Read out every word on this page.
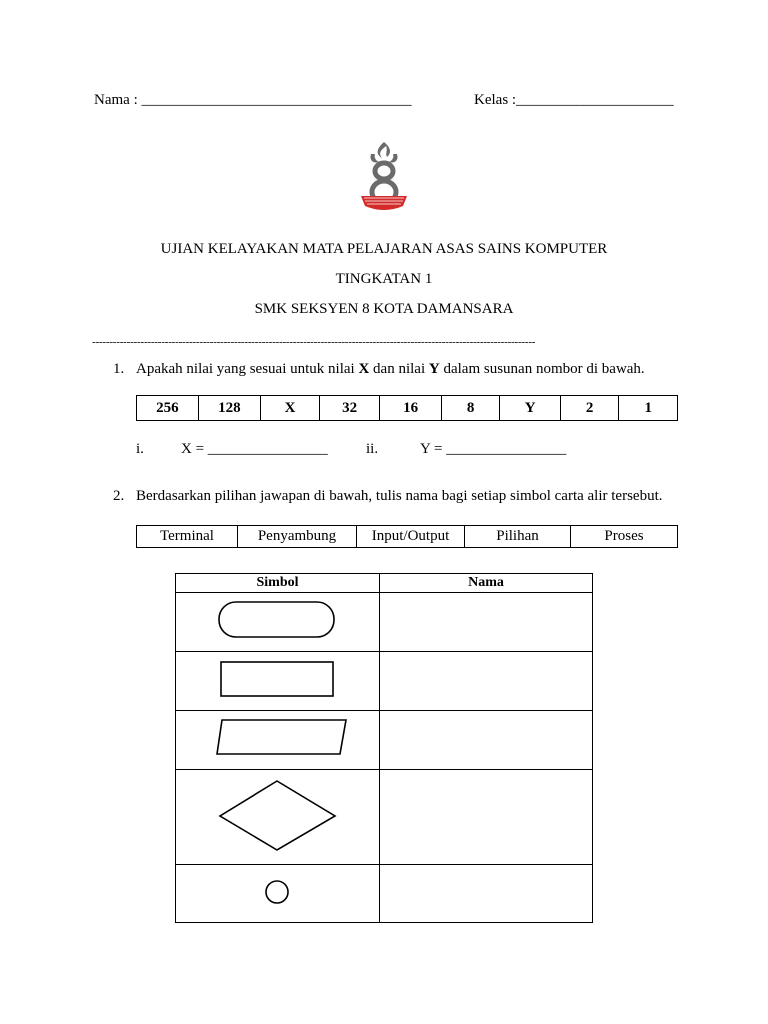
Nama : ____________________________________	Kelas :_____________________
UJIAN KELAYAKAN MATA PELAJARAN ASAS SAINS KOMPUTER
TINGKATAN 1
SMK SEKSYEN 8 KOTA DAMANSARA
--------------------------------------------------------------------------------------------------------------------------------
1. Apakah nilai yang sesuai untuk nilai X dan nilai Y dalam susunan nombor di bawah.
256	128	X	32	16	8	Y	2	1
i. X = ________________	ii.	Y = ________________
2. Berdasarkan pilihan jawapan di bawah, tulis nama bagi setiap simbol carta alir tersebut.
Terminal	Penyambung	Input/Output	Pilihan	Proses
Simbol	Nama
